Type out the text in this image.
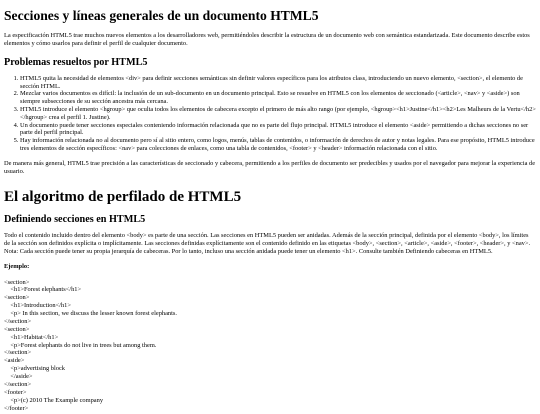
Secciones y líneas generales de un documento HTML5

La especificación HTML5 trae muchos nuevos elementos a los desarrolladores web, permitiéndoles describir la estructura de un documento web con semántica estandarizada. Este documento describe estos elementos y cómo usarlos para definir el perfil de cualquier documento.

Problemas resueltos por HTML5
1. HTML5 quita la necesidad de elementos <div> para definir secciones semánticas sin definir valores específicos para los atributos class, introduciendo un nuevo elemento, <section>, el elemento de sección HTML.
2. Mezclar varios documentos es difícil: la inclusión de un sub-documento en un documento principal. Esto se resuelve en HTML5 con los elementos de seccionado (<article>, <nav> y <aside>) son siempre subsecciones de su sección ancestra más cercana.
3. HTML5 introduce el elemento <hgroup> que oculta todos los elementos de cabecera excepto el primero de más alto rango (por ejemplo, <hgroup><h1>Justine</h1><h2>Les Malheurs de la Vertu</h2></hgroup> crea el perfil 1. Justine).
4. Un documento puede tener secciones especiales conteniendo información relacionada que no es parte del flujo principal. HTML5 introduce el elemento <aside> permitiendo a dichas secciones no ser parte del perfil principal.
5. Hay información relacionada no al documento pero sí al sitio entero, como logos, menús, tablas de contenidos, o información de derechos de autor y notas legales. Para ese propósito, HTML5 introduce tres elementos de sección específicos: <nav> para colecciones de enlaces, como una tabla de contenidos, <footer> y <header> información relacionada con el sitio.

De manera más general, HTML5 trae precisión a las características de seccionado y cabecera, permitiendo a los perfiles de documento ser predecibles y usados por el navegador para mejorar la experiencia de usuario.

El algoritmo de perfilado de HTML5
Definiendo secciones en HTML5

Todo el contenido incluido dentro del elemento <body> es parte de una sección. Las secciones en HTML5 pueden ser anidadas. Además de la sección principal, definida por el elemento <body>, los límites de la sección son definidos explícita o implícitamente. Las secciones definidas explícitamente son el contenido definido en las etiquetas <body>, <section>, <article>, <aside>, <footer>, <header>, y <nav>. Nota: Cada sección puede tener su propia jerarquía de cabeceras. Por lo tanto, incluso una sección anidada puede tener un elemento <h1>. Consulte también Definiendo cabeceras en HTML5.

Ejemplo:
<section>
<h1>Forest elephants</h1>
<section>
<h1>Introduction</h1>
<p> In this section, we discuss the lesser known forest elephants.
</section>
<section>
<h1>Habitat</h1>
<p>Forest elephants do not live in trees but among them.
</section>
<aside>
<p>advertising block
</aside>
</section>
<footer>
<p>(c) 2010 The Example company
</footer>
